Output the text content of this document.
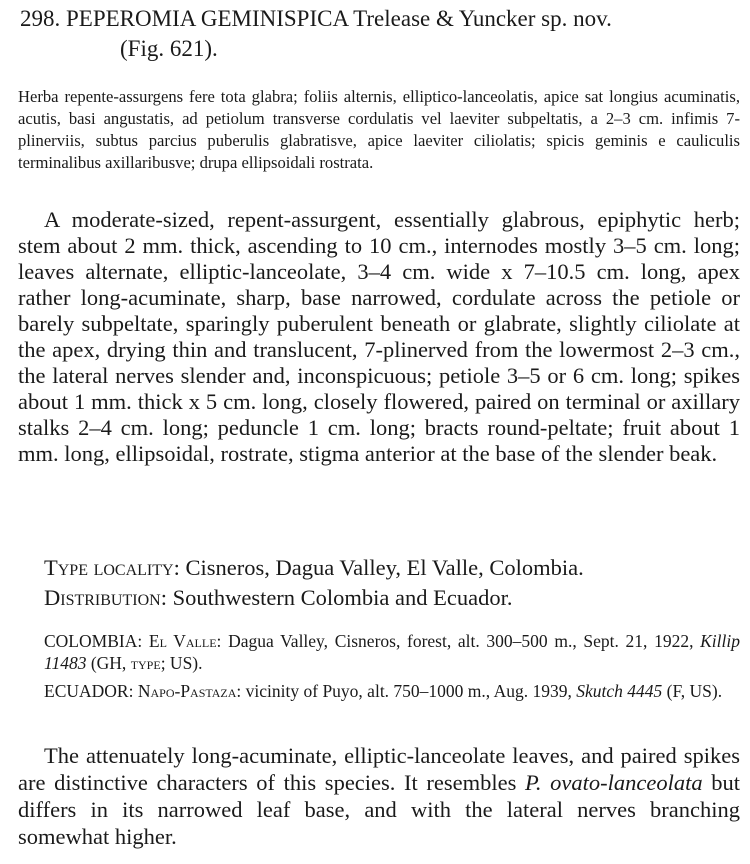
298. PEPEROMIA GEMINISPICA Trelease & Yuncker sp. nov.
(Fig. 621).

Herba repente-assurgens fere tota glabra; foliis alternis, elliptico-lanceolatis, apice sat longius acuminatis, acutis, basi angustatis, ad petiolum transverse cordulatis vel laeviter subpeltatis, a 2–3 cm. infimis 7-plinerviis, subtus parcius puberulis glabratisve, apice laeviter ciliolatis; spicis geminis e cauliculis terminalibus axillaribusve; drupa ellipsoidali rostrata.

A moderate-sized, repent-assurgent, essentially glabrous, epiphytic herb; stem about 2 mm. thick, ascending to 10 cm., internodes mostly 3–5 cm. long; leaves alternate, elliptic-lanceolate, 3–4 cm. wide x 7–10.5 cm. long, apex rather long-acuminate, sharp, base narrowed, cordulate across the petiole or barely subpeltate, sparingly puberulent beneath or glabrate, slightly ciliolate at the apex, drying thin and translucent, 7-plinerved from the lowermost 2–3 cm., the lateral nerves slender and, inconspicuous; petiole 3–5 or 6 cm. long; spikes about 1 mm. thick x 5 cm. long, closely flowered, paired on terminal or axillary stalks 2–4 cm. long; peduncle 1 cm. long; bracts round-peltate; fruit about 1 mm. long, ellipsoidal, rostrate, stigma anterior at the base of the slender beak.

Type locality: Cisneros, Dagua Valley, El Valle, Colombia.
Distribution: Southwestern Colombia and Ecuador.
COLOMBIA: El Valle: Dagua Valley, Cisneros, forest, alt. 300–500 m., Sept. 21, 1922, Killip 11483 (GH, type; US).
ECUADOR: Napo-Pastaza: vicinity of Puyo, alt. 750–1000 m., Aug. 1939, Skutch 4445 (F, US).

The attenuately long-acuminate, elliptic-lanceolate leaves, and paired spikes are distinctive characters of this species. It resembles P. ovato-lanceolata but differs in its narrowed leaf base, and with the lateral nerves branching somewhat higher.
